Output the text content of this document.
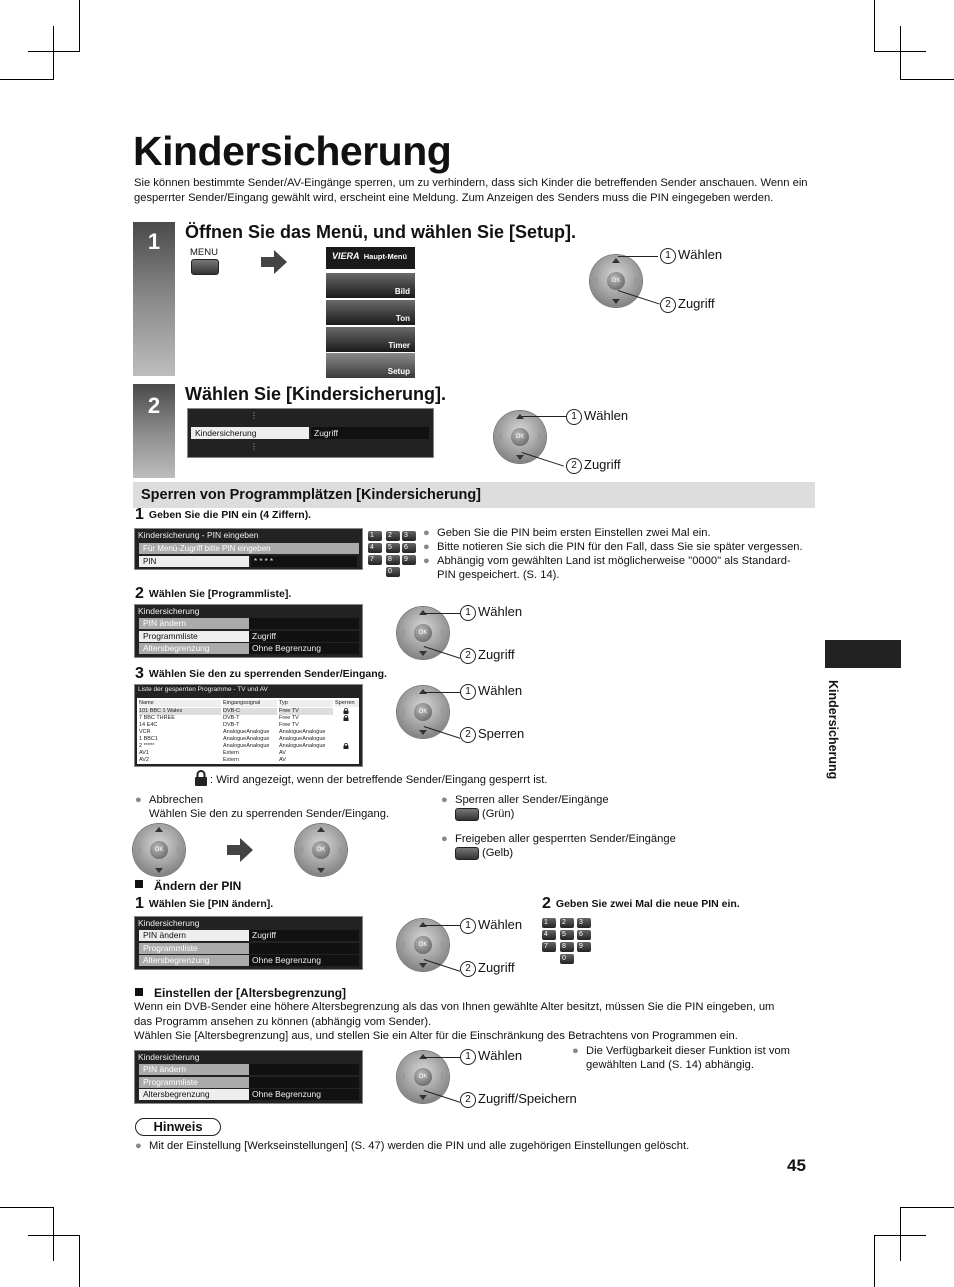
Kindersicherung
Sie können bestimmte Sender/AV-Eingänge sperren, um zu verhindern, dass sich Kinder die betreffenden Sender anschauen. Wenn ein gesperrter Sender/Eingang gewählt wird, erscheint eine Meldung. Zum Anzeigen des Senders muss die PIN eingegeben werden.
1	Öffnen Sie das Menü, und wählen Sie [Setup].
MENU	VIERA Haupt-Menü
Bild
Ton
Timer
Setup
OK
1 Wählen
2 Zugriff
2	Wählen Sie [Kindersicherung].
⋮
Kindersicherung	Zugriff
⋮
OK
1 Wählen
2 Zugriff
Sperren von Programmplätzen [Kindersicherung]
1 Geben Sie die PIN ein (4 Ziffern).
Kindersicherung - PIN eingeben
Für Menü-Zugriff bitte PIN eingeben
PIN	* * * *
1	2	3
4	5	6
7	8	9
0
● Geben Sie die PIN beim ersten Einstellen zwei Mal ein.
● Bitte notieren Sie sich die PIN für den Fall, dass Sie sie später vergessen.
● Abhängig vom gewählten Land ist möglicherweise "0000" als Standard-PIN gespeichert. (S. 14).
2 Wählen Sie [Programmliste].
Kindersicherung
PIN ändern
Programmliste	Zugriff
Altersbegrenzung	Ohne Begrenzung
OK
1 Wählen
2 Zugriff
3 Wählen Sie den zu sperrenden Sender/Eingang.
Liste der gesperrten Programme - TV und AV
Name	Eingangssignal	Typ	Sperren
101 BBC 1 Wales	DVB-C	Free TV
7 BBC THREE	DVB-T	Free TV
14 E4C	DVB-T	Free TV
VCR	AnalogueAnalogue	AnalogueAnalogue
1 BBC1	AnalogueAnalogue	AnalogueAnalogue
2 *****	AnalogueAnalogue	AnalogueAnalogue
AV1	Extern	AV
AV2	Extern	AV
OK
1 Wählen
2 Sperren
: Wird angezeigt, wenn der betreffende Sender/Eingang gesperrt ist.
● Abbrechen
Wählen Sie den zu sperrenden Sender/Eingang.
OK	OK
● Sperren aller Sender/Eingänge
(Grün)
● Freigeben aller gesperrten Sender/Eingänge
(Gelb)
Ändern der PIN
1 Wählen Sie [PIN ändern].
Kindersicherung
PIN ändern	Zugriff
Programmliste
Altersbegrenzung	Ohne Begrenzung
OK
1 Wählen
2 Zugriff
2 Geben Sie zwei Mal die neue PIN ein.
1	2	3
4	5	6
7	8	9
0
Einstellen der [Altersbegrenzung]
Wenn ein DVB-Sender eine höhere Altersbegrenzung als das von Ihnen gewählte Alter besitzt, müssen Sie die PIN eingeben, um das Programm ansehen zu können (abhängig vom Sender).
Wählen Sie [Altersbegrenzung] aus, und stellen Sie ein Alter für die Einschränkung des Betrachtens von Programmen ein.
Kindersicherung
PIN ändern
Programmliste
Altersbegrenzung	Ohne Begrenzung
OK
1 Wählen
2 Zugriff/Speichern
● Die Verfügbarkeit dieser Funktion ist vom gewählten Land (S. 14) abhängig.
Hinweis
● Mit der Einstellung [Werkseinstellungen] (S. 47) werden die PIN und alle zugehörigen Einstellungen gelöscht.
Kindersicherung
45
